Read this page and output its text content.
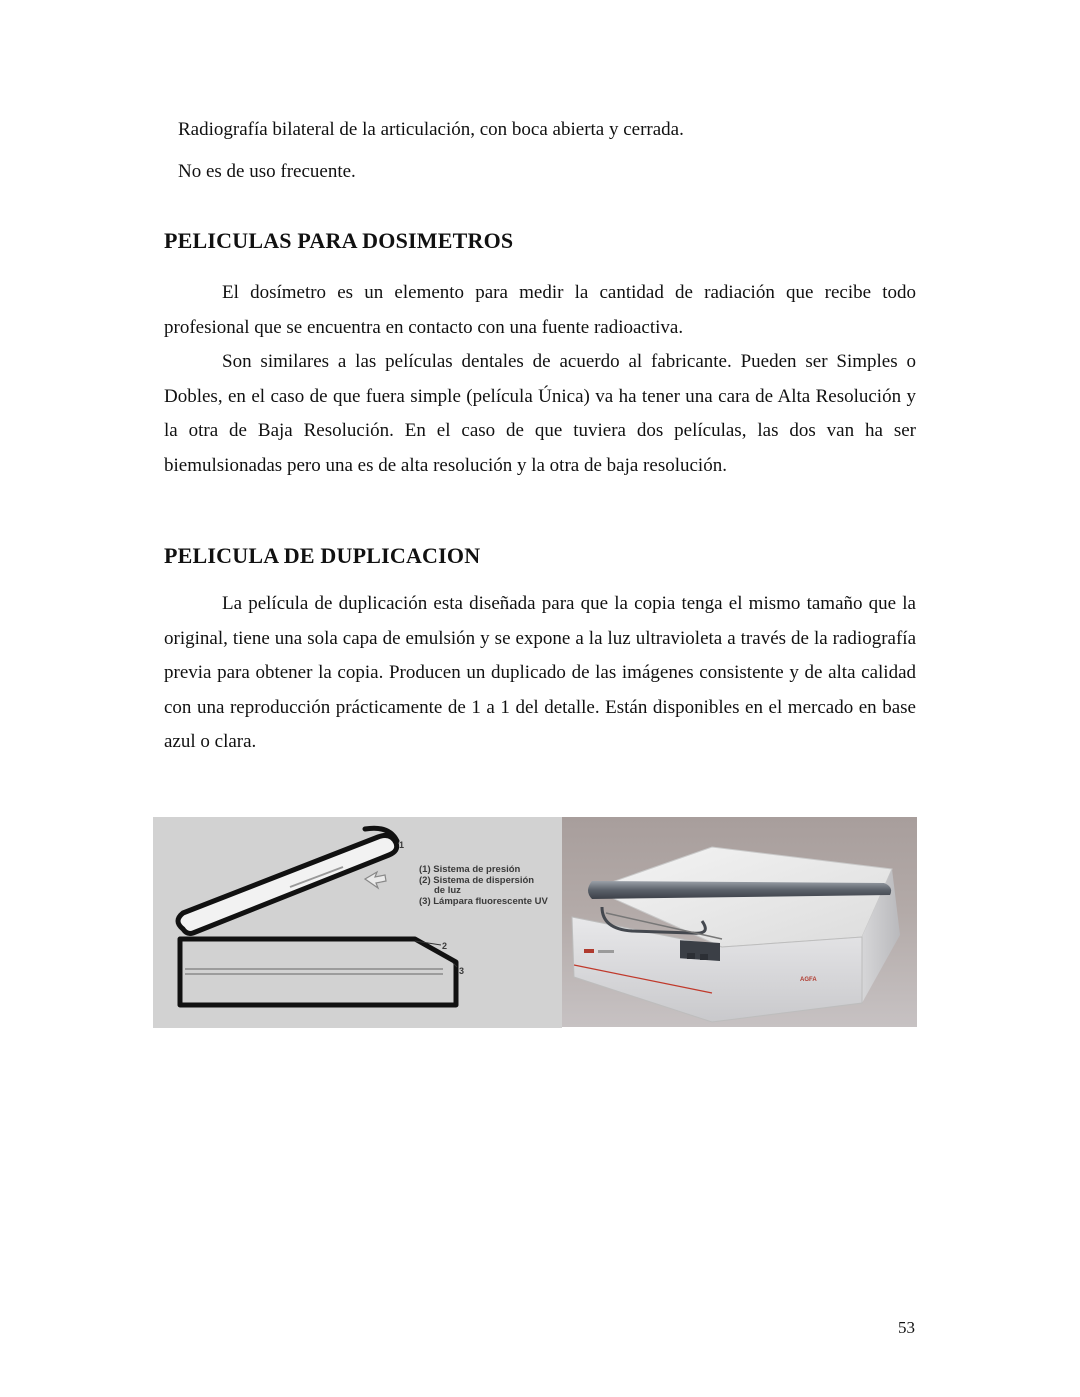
Radiografía bilateral de la articulación, con boca abierta y cerrada.
No es de uso frecuente.
PELICULAS PARA DOSIMETROS

El dosímetro es un elemento para medir la cantidad de radiación que recibe todo profesional que se encuentra en contacto con una fuente radioactiva.

Son similares a las películas dentales de acuerdo al fabricante. Pueden ser Simples o Dobles, en el caso de que fuera simple (película Única) va ha tener una cara de Alta Resolución y la otra de Baja Resolución. En el caso de que tuviera dos películas, las dos van ha ser biemulsionadas pero una es de alta resolución y la otra de baja resolución.

PELICULA DE DUPLICACION

La película de duplicación esta diseñada para que la copia tenga el mismo tamaño que la original, tiene una sola capa de emulsión y se expone a la luz ultravioleta a través de la radiografía previa para obtener la copia. Producen un duplicado de las imágenes consistente y de alta calidad con una reproducción prácticamente de 1 a 1 del detalle. Están disponibles en el mercado en base azul o clara.

1
2
3
(1) Sistema de presión
(2) Sistema de dispersión
de luz
(3) Lámpara fluorescente UV
AGFA
53
